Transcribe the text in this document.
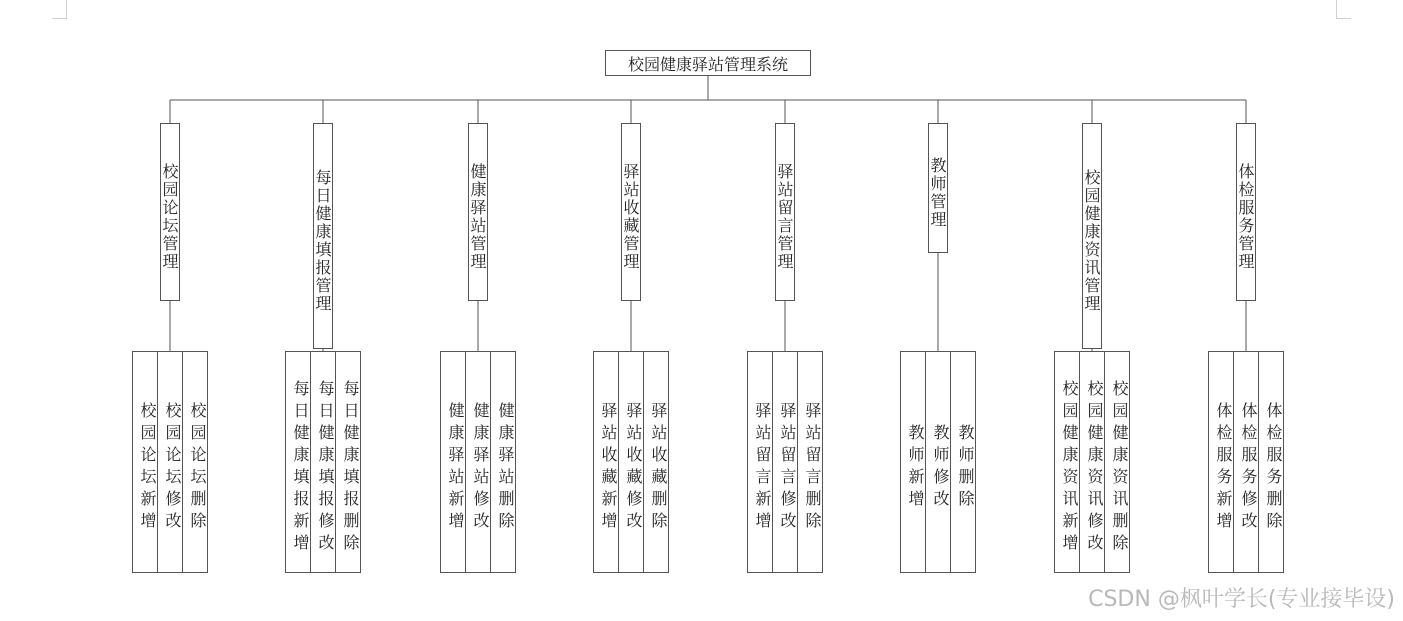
校园健康驿站管理系统
校园论坛管理
校园论坛新增 校园论坛修改 校园论坛删除
每日健康填报管理
每日健康填报新增 每日健康填报修改 每日健康填报删除
健康驿站管理
健康驿站新增 健康驿站修改 健康驿站删除
驿站收藏管理
驿站收藏新增 驿站收藏修改 驿站收藏删除
驿站留言管理
驿站留言新增 驿站留言修改 驿站留言删除
教师管理
教师新增 教师修改 教师删除
校园健康资讯管理
校园健康资讯新增 校园健康资讯修改 校园健康资讯删除
体检服务管理
体检服务新增 体检服务修改 体检服务删除
CSDN @枫叶学长(专业接毕设)
